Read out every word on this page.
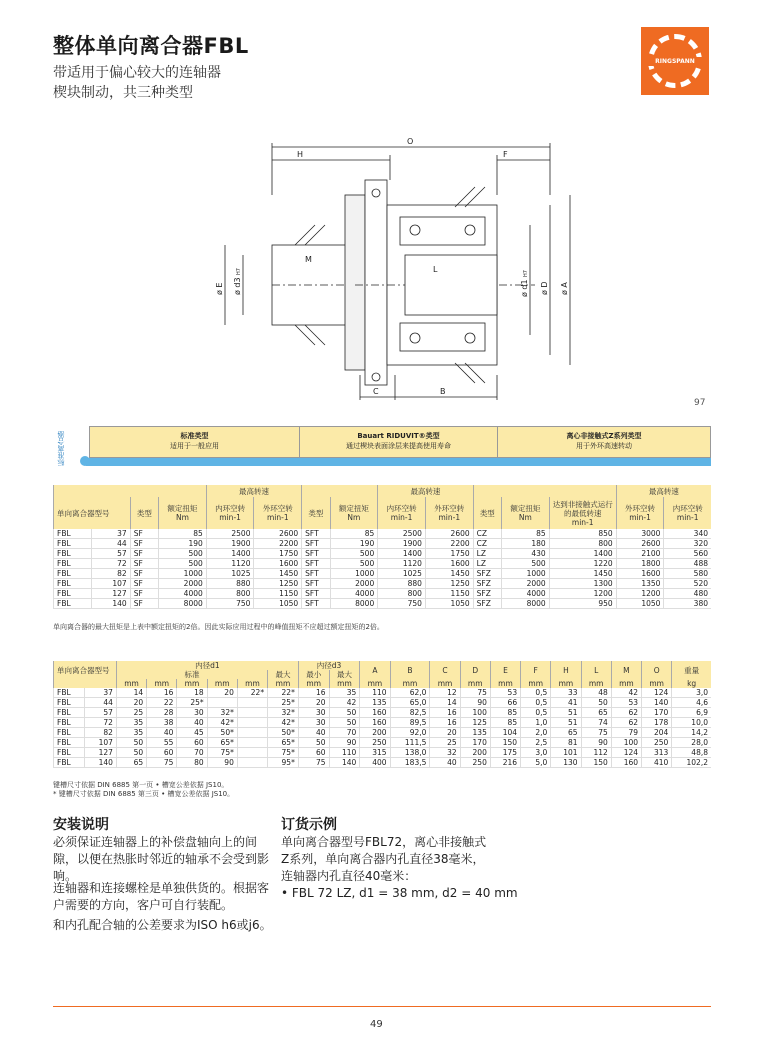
整体单向离合器FBL
带适用于偏心较大的连轴器
楔块制动，共三种类型
RINGSPANN
O
H	F
M
L
C	B
ø E ø d3
H7
ø d1
H7
ø D ø A
97
标准离合器	标准类型
适用于一般应用
Bauart RIDUVIT®类型
通过楔块表面涂层来提高使用寿命
离心非接触式Z系列类型
用于外环高速转动
				最高转速				最高转速					最高转速	
单向离合器型号		类型	额定扭矩
Nm	内环空转
min-1	外环空转
min-1	类型	额定扭矩
Nm	内环空转
min-1	外环空转
min-1	类型	额定扭矩
Nm	达到非接触式运行的最低转速
min-1	外环空转
min-1	内环空转
min-1
FBL	37	SF	85	2500	2600	SFT	85	2500	2600	CZ	85	850	3000	340
FBL	44	SF	190	1900	2200	SFT	190	1900	2200	CZ	180	800	2600	320
FBL	57	SF	500	1400	1750	SFT	500	1400	1750	LZ	430	1400	2100	560
FBL	72	SF	500	1120	1600	SFT	500	1120	1600	LZ	500	1220	1800	488
FBL	82	SF	1000	1025	1450	SFT	1000	1025	1450	SFZ	1000	1450	1600	580
FBL	107	SF	2000	880	1250	SFT	2000	880	1250	SFZ	2000	1300	1350	520
FBL	127	SF	4000	800	1150	SFT	4000	800	1150	SFZ	4000	1200	1200	480
FBL	140	SF	8000	750	1050	SFT	8000	750	1050	SFZ	8000	950	1050	380
单向离合器的最大扭矩是上表中额定扭矩的2倍。因此实际应用过程中的峰值扭矩不应超过额定扭矩的2倍。
单向离合器型号		内径d1						内径d3		A	B	C	D	E	F	H	L	M	O	重量
		标准					最大	最小	最大											
		mm	mm	mm	mm	mm	mm	mm	mm	mm	mm	mm	mm	mm	mm	mm	mm	mm	mm	kg
FBL	37	14	16	18	20	22*	22*	16	35	110	62,0	12	75	53	0,5	33	48	42	124	3,0
FBL	44	20	22	25*			25*	20	42	135	65,0	14	90	66	0,5	41	50	53	140	4,6
FBL	57	25	28	30	32*		32*	30	50	160	82,5	16	100	85	0,5	51	65	62	170	6,9
FBL	72	35	38	40	42*		42*	30	50	160	89,5	16	125	85	1,0	51	74	62	178	10,0
FBL	82	35	40	45	50*		50*	40	70	200	92,0	20	135	104	2,0	65	75	79	204	14,2
FBL	107	50	55	60	65*		65*	50	90	250	111,5	25	170	150	2,5	81	90	100	250	28,0
FBL	127	50	60	70	75*		75*	60	110	315	138,0	32	200	175	3,0	101	112	124	313	48,8
FBL	140	65	75	80	90		95*	75	140	400	183,5	40	250	216	5,0	130	150	160	410	102,2
键槽尺寸依据 DIN 6885 第一页 • 槽宽公差依据 JS10。
* 键槽尺寸依据 DIN 6885 第三页 • 槽宽公差依据 JS10。
安装说明
必须保证连轴器上的补偿盘轴向上的间隙，以便在热胀时邻近的轴承不会受到影响。
连轴器和连接螺栓是单独供货的。根据客户需要的方向，客户可自行装配。
和内孔配合轴的公差要求为ISO h6或j6。
订货示例
单向离合器型号FBL72，离心非接触式Z系列，单向离合器内孔直径38毫米，连轴器内孔直径40毫米：
• FBL 72 LZ, d1 = 38 mm, d2 = 40 mm
49
